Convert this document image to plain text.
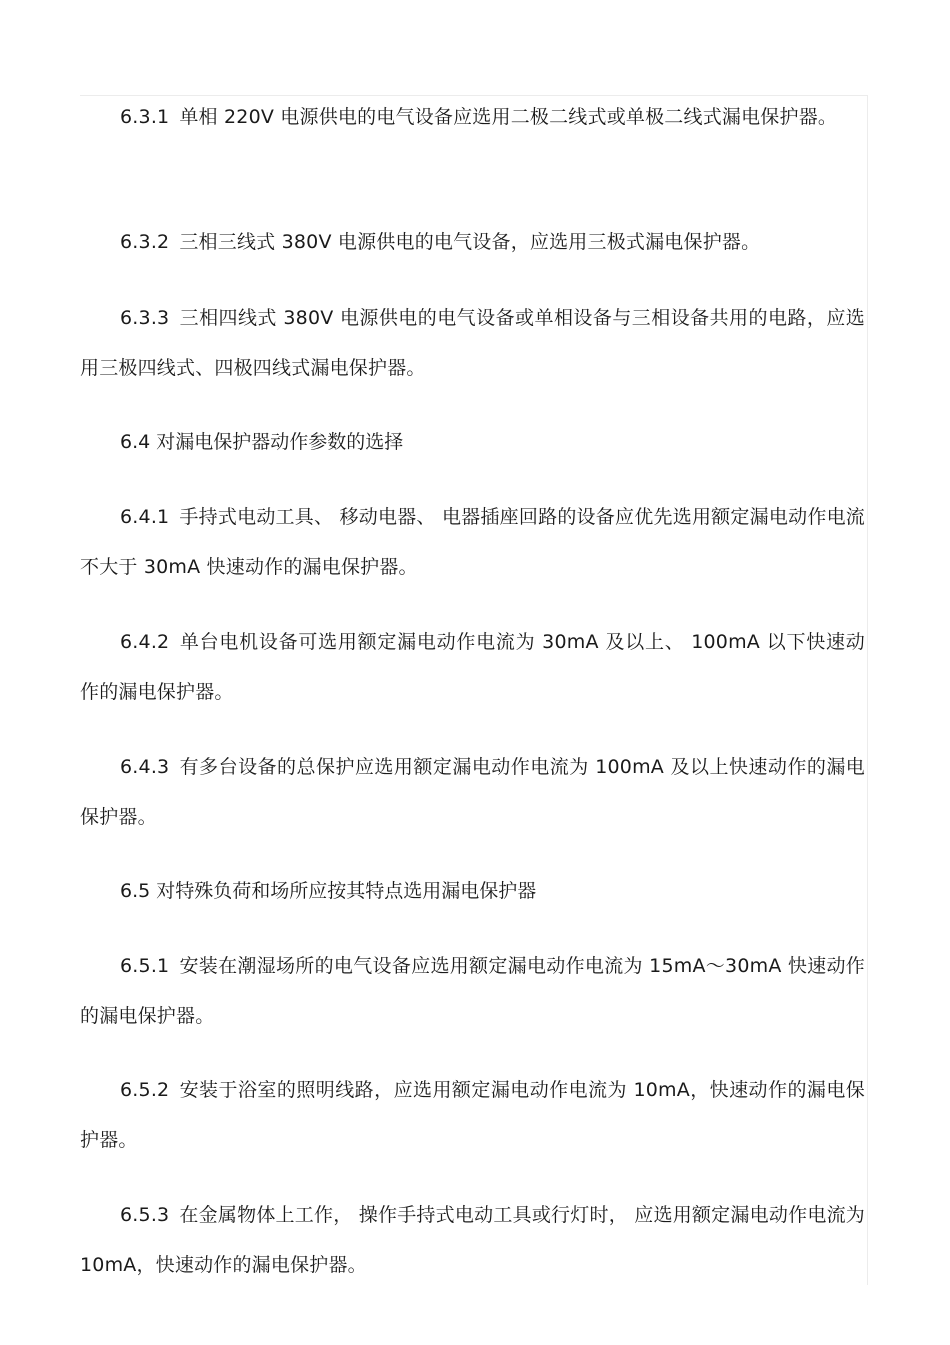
6.3.1 单相 220V 电源供电的电气设备应选用二极二线式或单极二线式漏电保护器。

6.3.2 三相三线式 380V 电源供电的电气设备，应选用三极式漏电保护器。

6.3.3 三相四线式 380V 电源供电的电气设备或单相设备与三相设备共用的电路，应选用三极四线式、四极四线式漏电保护器。

6.4 对漏电保护器动作参数的选择

6.4.1 手持式电动工具、 移动电器、 电器插座回路的设备应优先选用额定漏电动作电流不大于 30mA 快速动作的漏电保护器。

6.4.2 单台电机设备可选用额定漏电动作电流为 30mA 及以上、 100mA 以下快速动作的漏电保护器。

6.4.3 有多台设备的总保护应选用额定漏电动作电流为 100mA 及以上快速动作的漏电保护器。

6.5 对特殊负荷和场所应按其特点选用漏电保护器

6.5.1 安装在潮湿场所的电气设备应选用额定漏电动作电流为 15mA～30mA 快速动作的漏电保护器。

6.5.2 安装于浴室的照明线路，应选用额定漏电动作电流为 10mA，快速动作的漏电保护器。

6.5.3 在金属物体上工作， 操作手持式电动工具或行灯时， 应选用额定漏电动作电流为 10mA，快速动作的漏电保护器。
